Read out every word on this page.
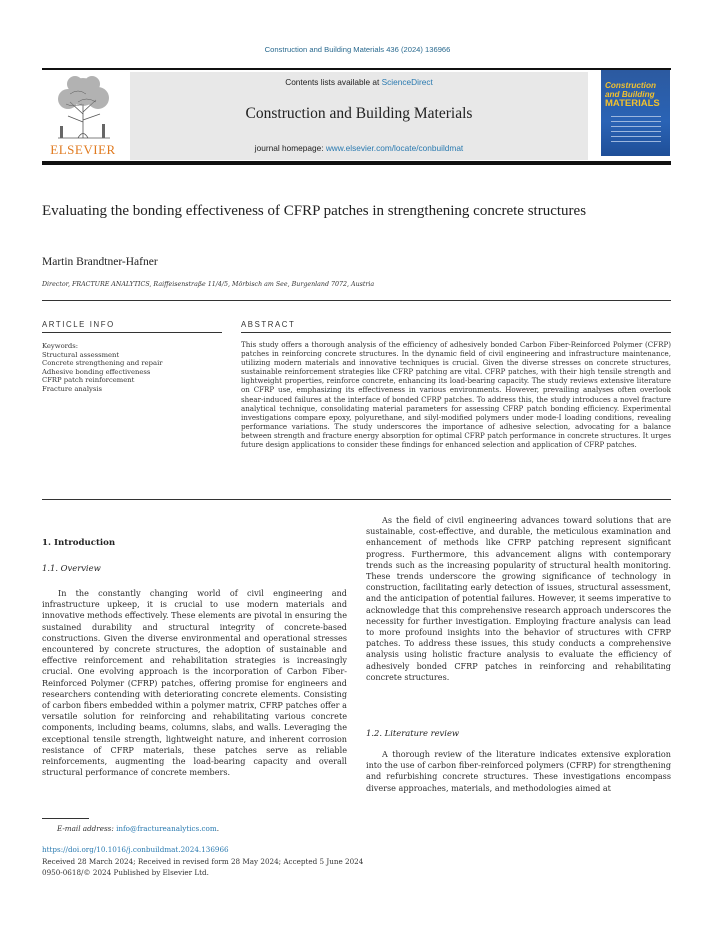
Construction and Building Materials 436 (2024) 136966
ELSEVIER
Contents lists available at ScienceDirect
Construction and Building Materials
journal homepage: www.elsevier.com/locate/conbuildmat
Construction
and Building
MATERIALS
Evaluating the bonding effectiveness of CFRP patches in strengthening concrete structures
Martin Brandtner-Hafner
Director, FRACTURE ANALYTICS, Raiffeisenstraße 11/4/5, Mörbisch am See, Burgenland 7072, Austria
ARTICLE INFO	ABSTRACT
Keywords:
Structural assessment
Concrete strengthening and repair
Adhesive bonding effectiveness
CFRP patch reinforcement
Fracture analysis
This study offers a thorough analysis of the efficiency of adhesively bonded Carbon Fiber-Reinforced Polymer (CFRP) patches in reinforcing concrete structures. In the dynamic field of civil engineering and infrastructure maintenance, utilizing modern materials and innovative techniques is crucial. Given the diverse stresses on concrete structures, sustainable reinforcement strategies like CFRP patching are vital. CFRP patches, with their high tensile strength and lightweight properties, reinforce concrete, enhancing its load-bearing capacity. The study reviews extensive literature on CFRP use, emphasizing its effectiveness in various environments. However, prevailing analyses often overlook shear-induced failures at the interface of bonded CFRP patches. To address this, the study introduces a novel fracture analytical technique, consolidating material parameters for assessing CFRP patch bonding efficiency. Experimental investigations compare epoxy, polyurethane, and silyl-modified polymers under mode-I loading conditions, revealing performance variations. The study underscores the importance of adhesive selection, advocating for a balance between strength and fracture energy absorption for optimal CFRP patch performance in concrete structures. It urges future design applications to consider these findings for enhanced selection and application of CFRP patches.
1. Introduction
1.1. Overview
In the constantly changing world of civil engineering and infrastructure upkeep, it is crucial to use modern materials and innovative methods effectively. These elements are pivotal in ensuring the sustained durability and structural integrity of concrete-based constructions. Given the diverse environmental and operational stresses encountered by concrete structures, the adoption of sustainable and effective reinforcement and rehabilitation strategies is increasingly crucial. One evolving approach is the incorporation of Carbon Fiber-Reinforced Polymer (CFRP) patches, offering promise for engineers and researchers contending with deteriorating concrete elements. Consisting of carbon fibers embedded within a polymer matrix, CFRP patches offer a versatile solution for reinforcing and rehabilitating various concrete components, including beams, columns, slabs, and walls. Leveraging the exceptional tensile strength, lightweight nature, and inherent corrosion resistance of CFRP materials, these patches serve as reliable reinforcements, augmenting the load-bearing capacity and overall structural performance of concrete members.
As the field of civil engineering advances toward solutions that are sustainable, cost-effective, and durable, the meticulous examination and enhancement of methods like CFRP patching represent significant progress. Furthermore, this advancement aligns with contemporary trends such as the increasing popularity of structural health monitoring. These trends underscore the growing significance of technology in construction, facilitating early detection of issues, structural assessment, and the anticipation of potential failures. However, it seems imperative to acknowledge that this comprehensive research approach underscores the necessity for further investigation. Employing fracture analysis can lead to more profound insights into the behavior of structures with CFRP patches. To address these issues, this study conducts a comprehensive analysis using holistic fracture analysis to evaluate the efficiency of adhesively bonded CFRP patches in reinforcing and rehabilitating concrete structures.
1.2. Literature review
A thorough review of the literature indicates extensive exploration into the use of carbon fiber-reinforced polymers (CFRP) for strengthening and refurbishing concrete structures. These investigations encompass diverse approaches, materials, and methodologies aimed at
E-mail address: info@fractureanalytics.com.
https://doi.org/10.1016/j.conbuildmat.2024.136966
Received 28 March 2024; Received in revised form 28 May 2024; Accepted 5 June 2024
0950-0618/© 2024 Published by Elsevier Ltd.
